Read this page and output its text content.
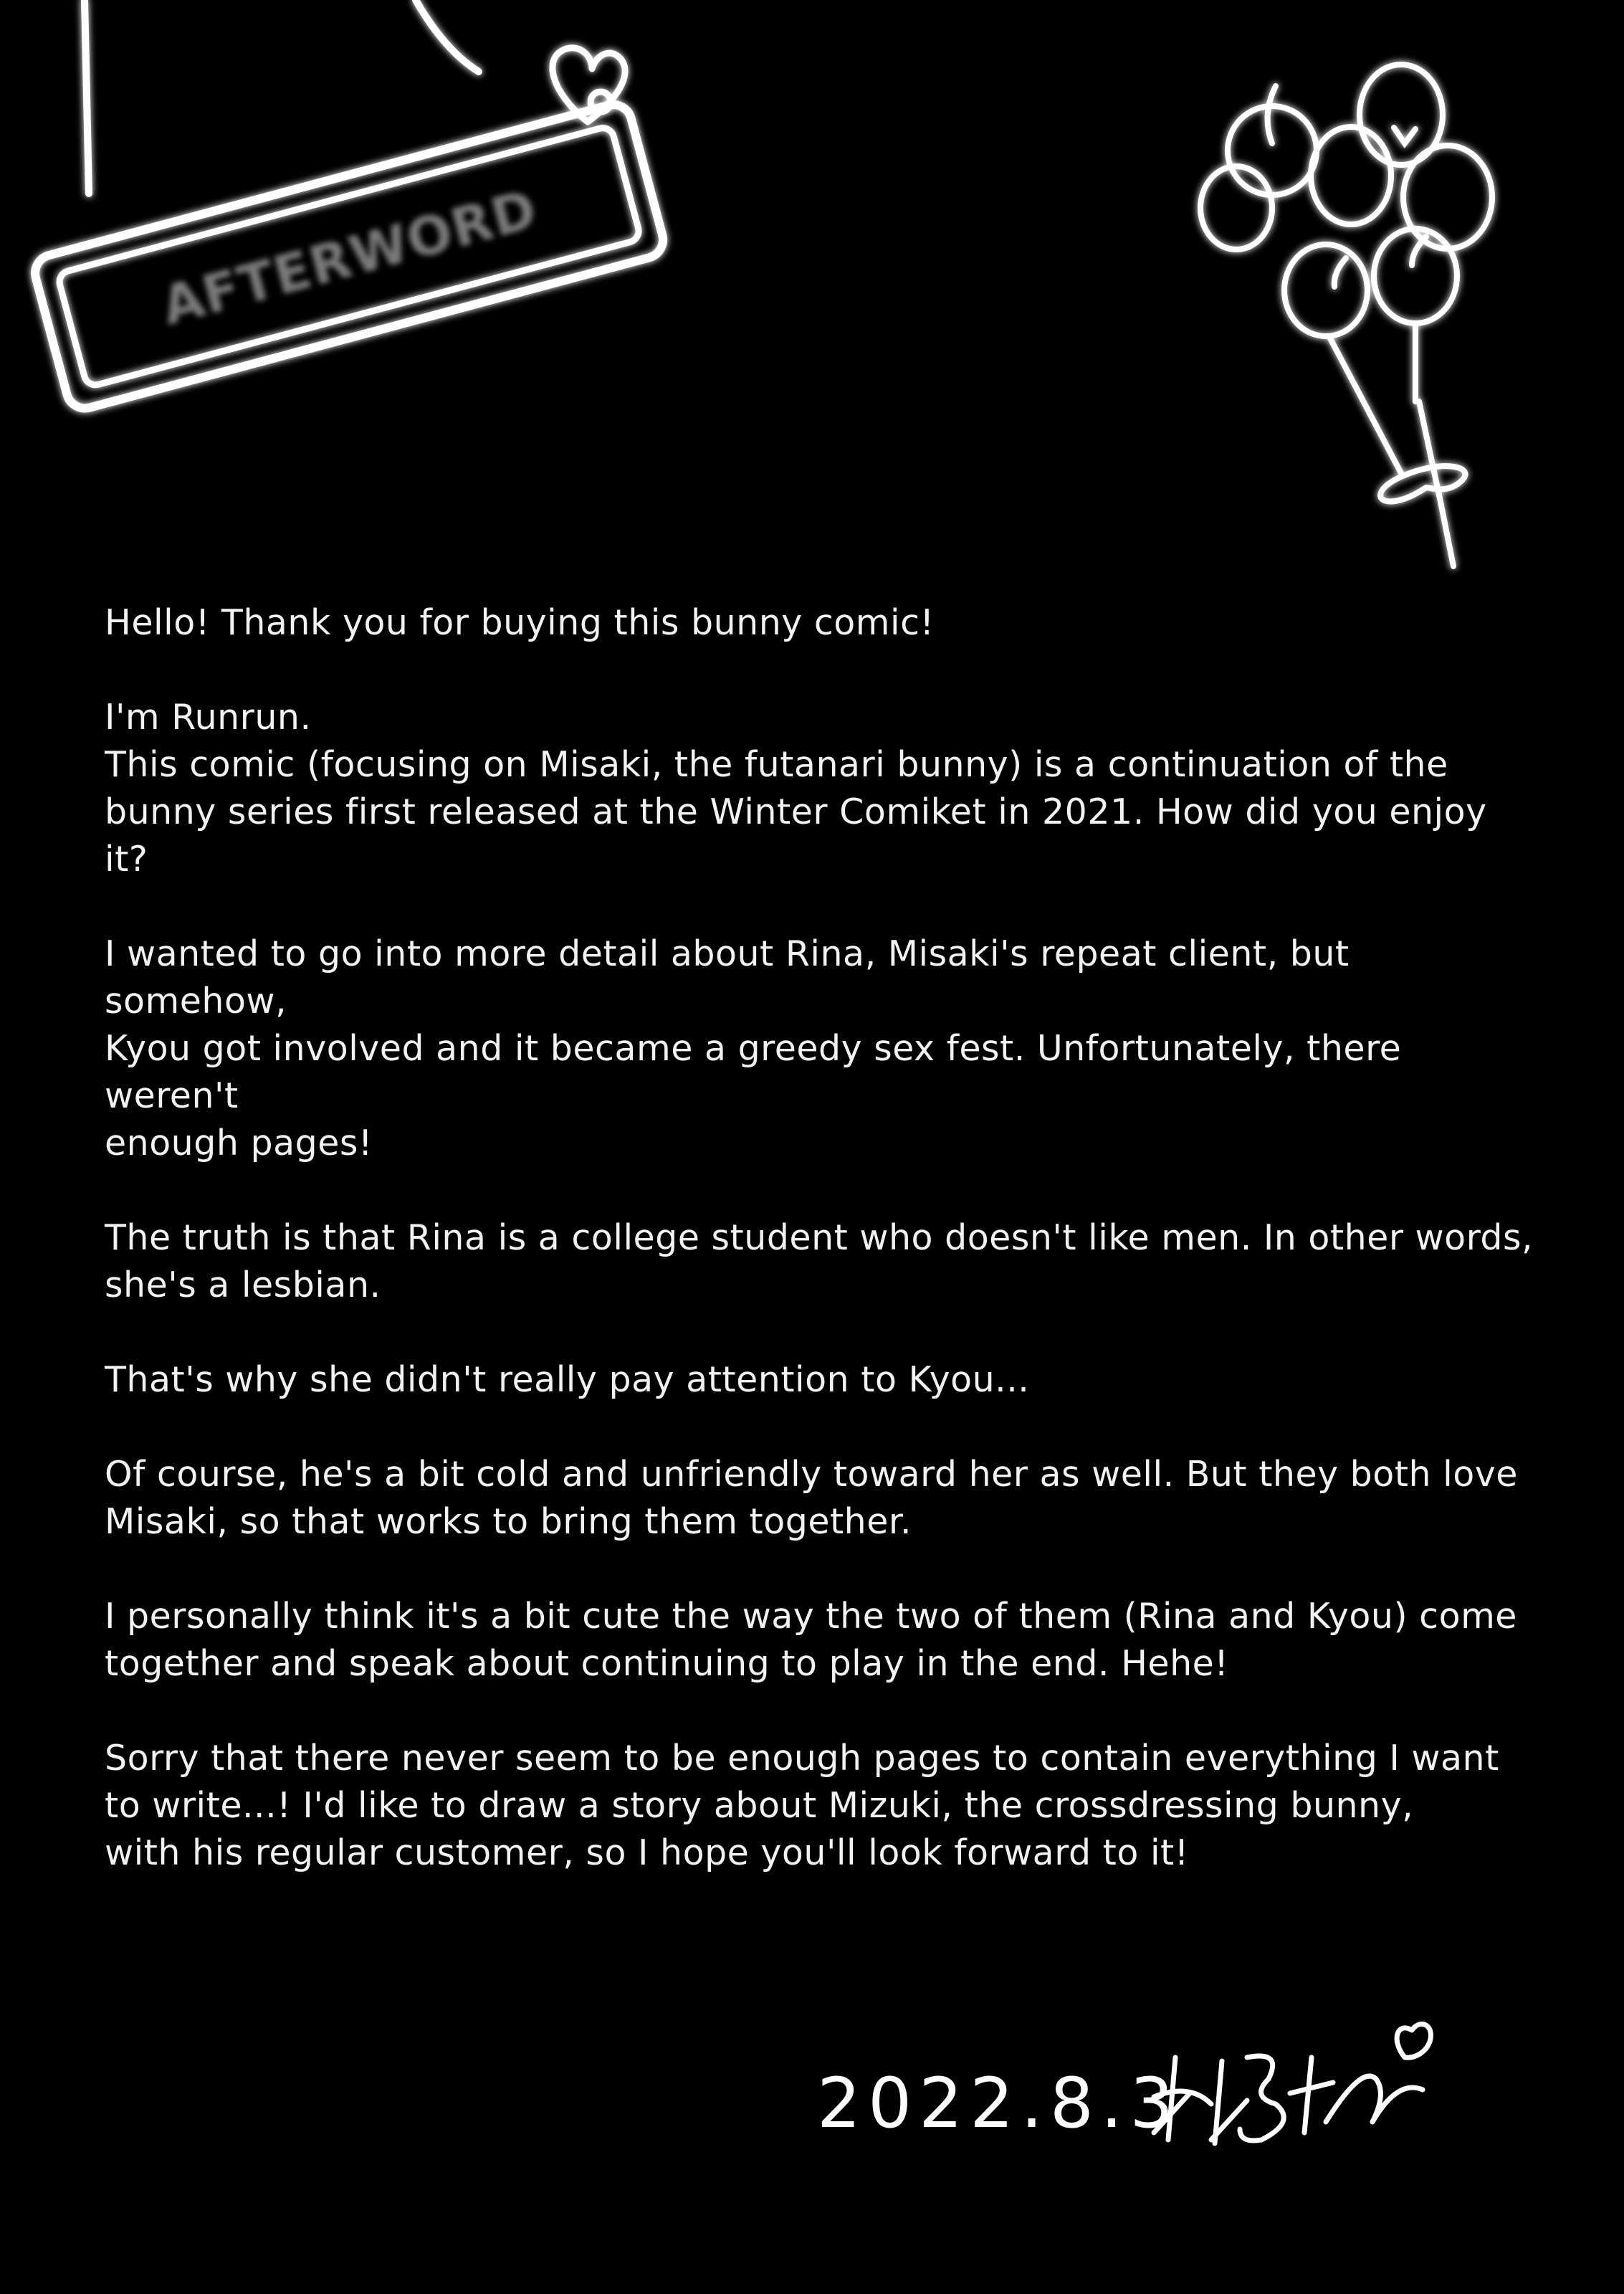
AFTERWORD

Hello! Thank you for buying this bunny comic!

I'm Runrun.

This comic (focusing on Misaki, the futanari bunny) is a continuation of the
bunny series first released at the Winter Comiket in 2021. How did you enjoy it?

I wanted to go into more detail about Rina, Misaki's repeat client, but somehow,
Kyou got involved and it became a greedy sex fest. Unfortunately, there weren't
enough pages!

The truth is that Rina is a college student who doesn't like men. In other words,
she's a lesbian.

That's why she didn't really pay attention to Kyou...

Of course, he's a bit cold and unfriendly toward her as well. But they both love
Misaki, so that works to bring them together.

I personally think it's a bit cute the way the two of them (Rina and Kyou) come
together and speak about continuing to play in the end. Hehe!

Sorry that there never seem to be enough pages to contain everything I want
to write...! I'd like to draw a story about Mizuki, the crossdressing bunny,
with his regular customer, so I hope you'll look forward to it!

2022.8.3
